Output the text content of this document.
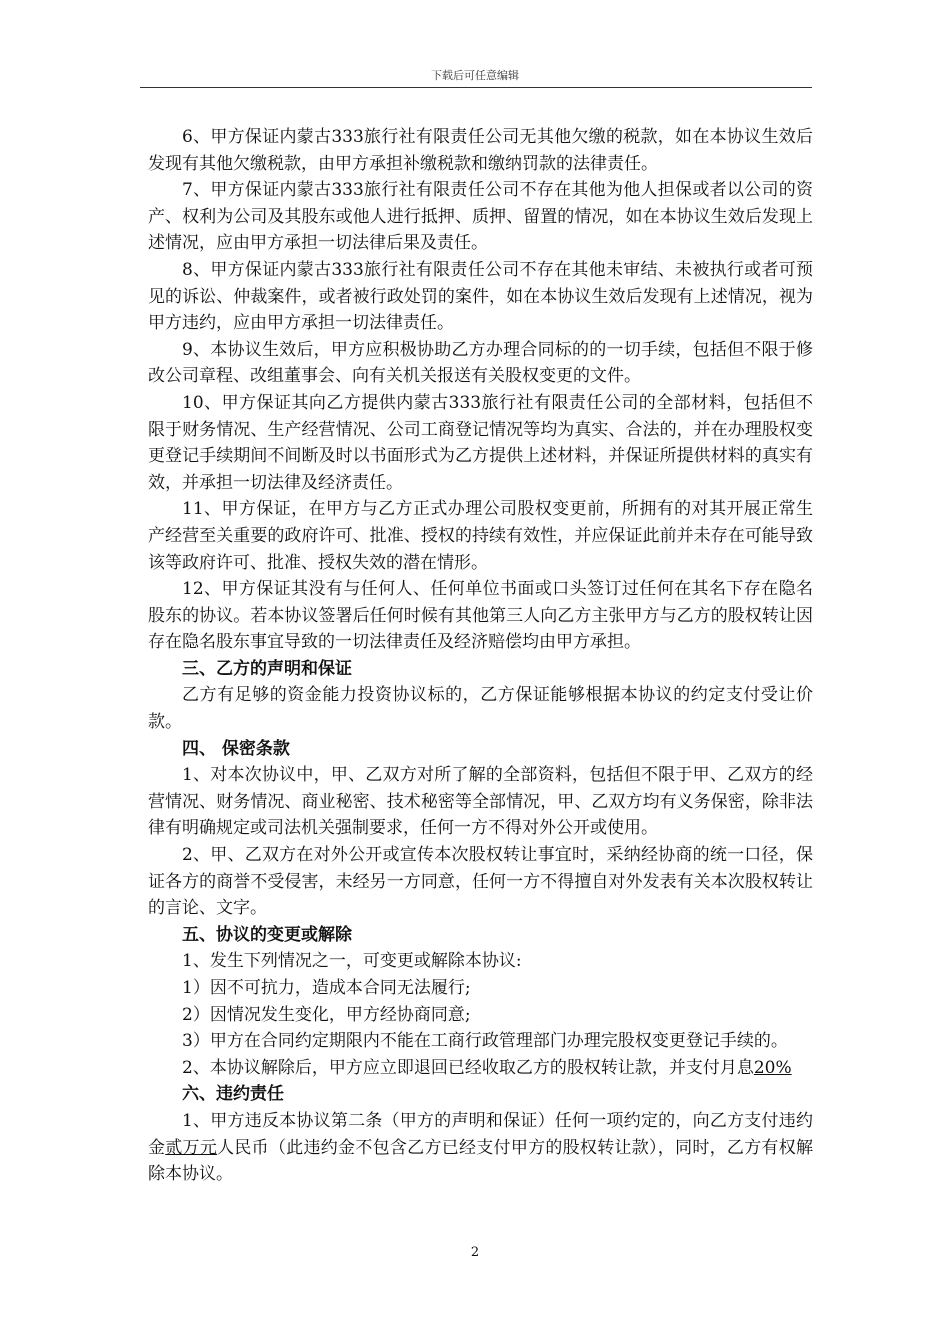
下载后可任意编辑

6、甲方保证内蒙古333旅行社有限责任公司无其他欠缴的税款，如在本协议生效后发现有其他欠缴税款，由甲方承担补缴税款和缴纳罚款的法律责任。

7、甲方保证内蒙古333旅行社有限责任公司不存在其他为他人担保或者以公司的资产、权利为公司及其股东或他人进行抵押、质押、留置的情况，如在本协议生效后发现上述情况，应由甲方承担一切法律后果及责任。

8、甲方保证内蒙古333旅行社有限责任公司不存在其他未审结、未被执行或者可预见的诉讼、仲裁案件，或者被行政处罚的案件，如在本协议生效后发现有上述情况，视为甲方违约，应由甲方承担一切法律责任。

9、本协议生效后，甲方应积极协助乙方办理合同标的的一切手续，包括但不限于修改公司章程、改组董事会、向有关机关报送有关股权变更的文件。

10、甲方保证其向乙方提供内蒙古333旅行社有限责任公司的全部材料，包括但不限于财务情况、生产经营情况、公司工商登记情况等均为真实、合法的，并在办理股权变更登记手续期间不间断及时以书面形式为乙方提供上述材料，并保证所提供材料的真实有效，并承担一切法律及经济责任。

11、甲方保证，在甲方与乙方正式办理公司股权变更前，所拥有的对其开展正常生产经营至关重要的政府许可、批准、授权的持续有效性，并应保证此前并未存在可能导致该等政府许可、批准、授权失效的潜在情形。

12、甲方保证其没有与任何人、任何单位书面或口头签订过任何在其名下存在隐名股东的协议。若本协议签署后任何时候有其他第三人向乙方主张甲方与乙方的股权转让因存在隐名股东事宜导致的一切法律责任及经济赔偿均由甲方承担。

三、乙方的声明和保证

乙方有足够的资金能力投资协议标的，乙方保证能够根据本协议的约定支付受让价款。

四、 保密条款

1、对本次协议中，甲、乙双方对所了解的全部资料，包括但不限于甲、乙双方的经营情况、财务情况、商业秘密、技术秘密等全部情况，甲、乙双方均有义务保密，除非法律有明确规定或司法机关强制要求，任何一方不得对外公开或使用。

2、甲、乙双方在对外公开或宣传本次股权转让事宜时，采纳经协商的统一口径，保证各方的商誉不受侵害，未经另一方同意，任何一方不得擅自对外发表有关本次股权转让的言论、文字。

五、协议的变更或解除

1、发生下列情况之一，可变更或解除本协议:

1）因不可抗力，造成本合同无法履行;

2）因情况发生变化，甲方经协商同意;

3）甲方在合同约定期限内不能在工商行政管理部门办理完股权变更登记手续的。

2、本协议解除后，甲方应立即退回已经收取乙方的股权转让款，并支付月息20%

六、违约责任

1、甲方违反本协议第二条（甲方的声明和保证）任何一项约定的，向乙方支付违约金贰万元人民币（此违约金不包含乙方已经支付甲方的股权转让款），同时，乙方有权解除本协议。

2
